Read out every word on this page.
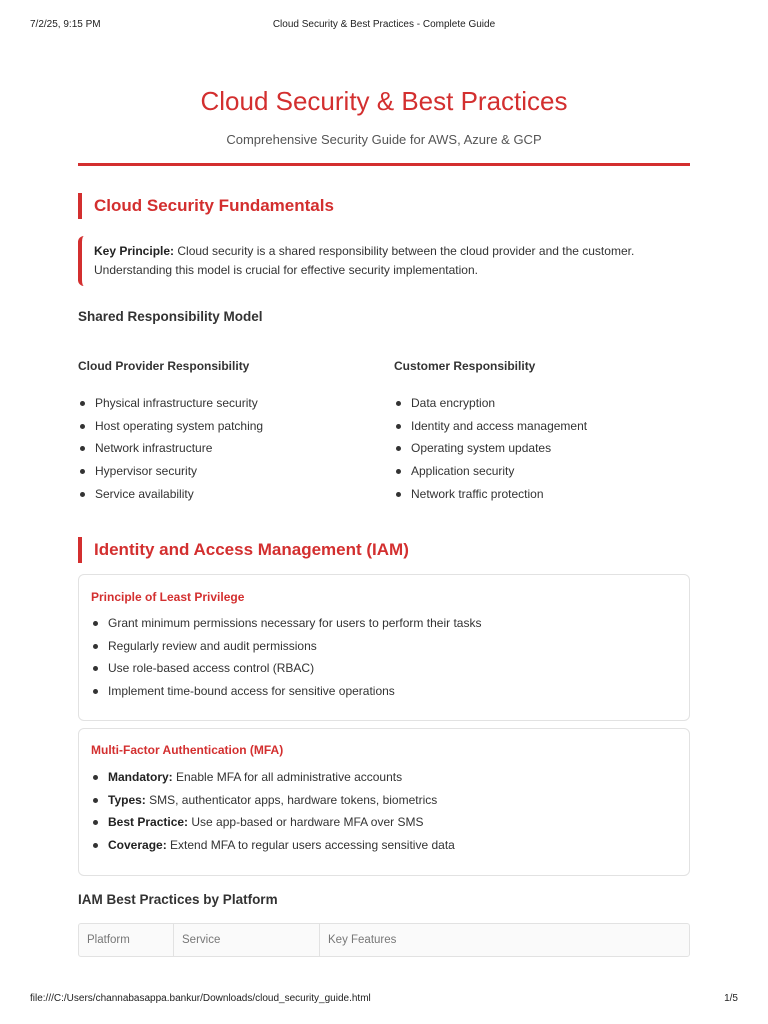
7/2/25, 9:15 PM	Cloud Security & Best Practices - Complete Guide
Cloud Security & Best Practices
Comprehensive Security Guide for AWS, Azure & GCP
Cloud Security Fundamentals
Key Principle: Cloud security is a shared responsibility between the cloud provider and the customer. Understanding this model is crucial for effective security implementation.
Shared Responsibility Model
Cloud Provider Responsibility
Physical infrastructure security
Host operating system patching
Network infrastructure
Hypervisor security
Service availability
Customer Responsibility
Data encryption
Identity and access management
Operating system updates
Application security
Network traffic protection
Identity and Access Management (IAM)
Principle of Least Privilege
Grant minimum permissions necessary for users to perform their tasks
Regularly review and audit permissions
Use role-based access control (RBAC)
Implement time-bound access for sensitive operations
Multi-Factor Authentication (MFA)
Mandatory: Enable MFA for all administrative accounts
Types: SMS, authenticator apps, hardware tokens, biometrics
Best Practice: Use app-based or hardware MFA over SMS
Coverage: Extend MFA to regular users accessing sensitive data
IAM Best Practices by Platform
Platform	Service	Key Features
file:///C:/Users/channabasappa.bankur/Downloads/cloud_security_guide.html	1/5
